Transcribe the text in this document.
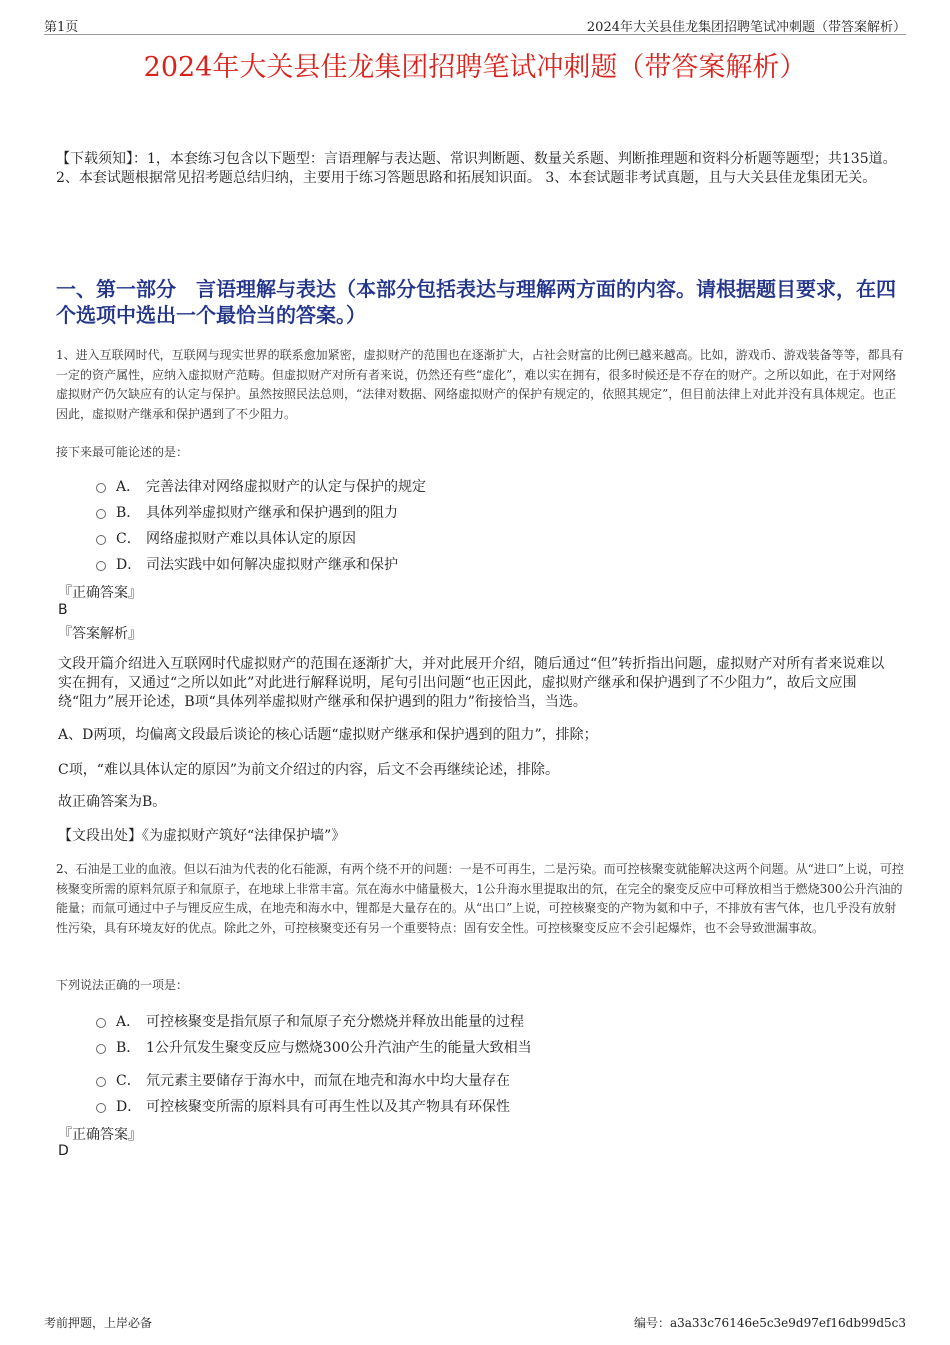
第1页	2024年大关县佳龙集团招聘笔试冲刺题（带答案解析）
2024年大关县佳龙集团招聘笔试冲刺题（带答案解析）

【下载须知】：1，本套练习包含以下题型：言语理解与表达题、常识判断题、数量关系题、判断推理题和资料分析题等题型；共135道。 2、本套试题根据常见招考题总结归纳，主要用于练习答题思路和拓展知识面。 3、本套试题非考试真题，且与大关县佳龙集团无关。

一、第一部分　言语理解与表达（本部分包括表达与理解两方面的内容。请根据题目要求，在四个选项中选出一个最恰当的答案。）

1、进入互联网时代，互联网与现实世界的联系愈加紧密，虚拟财产的范围也在逐渐扩大，占社会财富的比例已越来越高。比如，游戏币、游戏装备等等，都具有一定的资产属性，应纳入虚拟财产范畴。但虚拟财产对所有者来说，仍然还有些“虚化”，难以实在拥有，很多时候还是不存在的财产。之所以如此，在于对网络虚拟财产仍欠缺应有的认定与保护。虽然按照民法总则，“法律对数据、网络虚拟财产的保护有规定的，依照其规定”，但目前法律上对此并没有具体规定。也正因此，虚拟财产继承和保护遇到了不少阻力。

接下来最可能论述的是：

A． 完善法律对网络虚拟财产的认定与保护的规定
B． 具体列举虚拟财产继承和保护遇到的阻力
C． 网络虚拟财产难以具体认定的原因
D． 司法实践中如何解决虚拟财产继承和保护

『正确答案』

B

『答案解析』

文段开篇介绍进入互联网时代虚拟财产的范围在逐渐扩大，并对此展开介绍，随后通过“但”转折指出问题，虚拟财产对所有者来说难以实在拥有，又通过“之所以如此”对此进行解释说明，尾句引出问题“也正因此，虚拟财产继承和保护遇到了不少阻力”，故后文应围绕“阻力”展开论述，B项“具体列举虚拟财产继承和保护遇到的阻力”衔接恰当，当选。

A、D两项，均偏离文段最后谈论的核心话题“虚拟财产继承和保护遇到的阻力”，排除；

C项，“难以具体认定的原因”为前文介绍过的内容，后文不会再继续论述，排除。

故正确答案为B。

【文段出处】《为虚拟财产筑好“法律保护墙”》

2、石油是工业的血液。但以石油为代表的化石能源，有两个绕不开的问题：一是不可再生，二是污染。而可控核聚变就能解决这两个问题。从“进口”上说，可控核聚变所需的原料氘原子和氚原子，在地球上非常丰富。氘在海水中储量极大，1公升海水里提取出的氘，在完全的聚变反应中可释放相当于燃烧300公升汽油的能量；而氚可通过中子与锂反应生成，在地壳和海水中，锂都是大量存在的。从“出口”上说，可控核聚变的产物为氦和中子，不排放有害气体，也几乎没有放射性污染，具有环境友好的优点。除此之外，可控核聚变还有另一个重要特点：固有安全性。可控核聚变反应不会引起爆炸，也不会导致泄漏事故。

下列说法正确的一项是：

A． 可控核聚变是指氘原子和氚原子充分燃烧并释放出能量的过程
B． 1公升氘发生聚变反应与燃烧300公升汽油产生的能量大致相当
C． 氘元素主要储存于海水中，而氚在地壳和海水中均大量存在
D． 可控核聚变所需的原料具有可再生性以及其产物具有环保性

『正确答案』

D

考前押题，上岸必备	编号：a3a33c76146e5c3e9d97ef16db99d5c3
